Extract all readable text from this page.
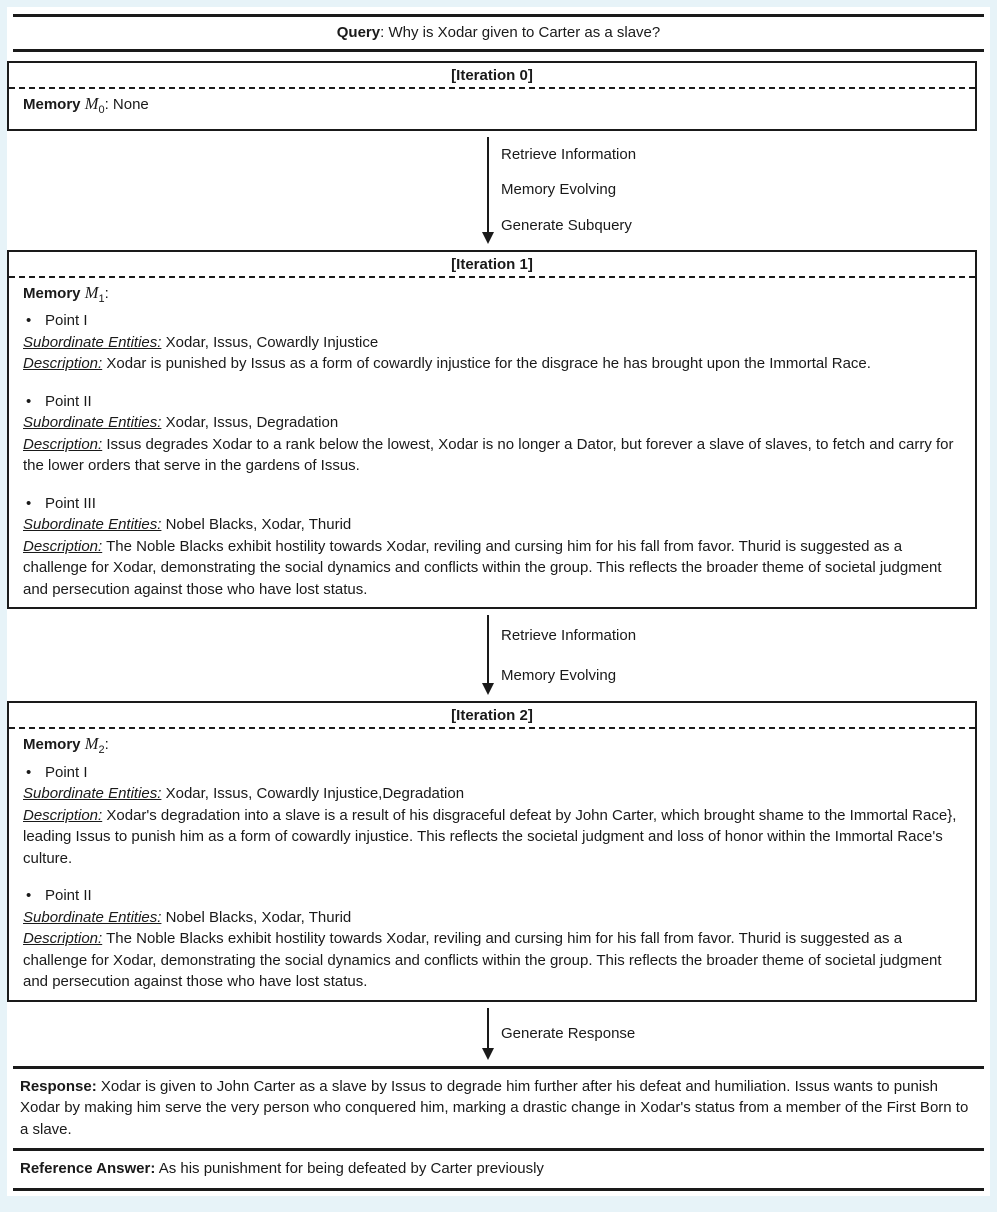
Query: Why is Xodar given to Carter as a slave?
[Iteration 0]
Memory $M_0$: None
Retrieve Information
Memory Evolving
Generate Subquery
[Iteration 1]
Memory $M_1$:
• Point I
Subordinate Entities: Xodar, Issus, Cowardly Injustice
Description: Xodar is punished by Issus as a form of cowardly injustice for the disgrace he has brought upon the Immortal Race.
• Point II
Subordinate Entities: Xodar, Issus, Degradation
Description: Issus degrades Xodar to a rank below the lowest, Xodar is no longer a Dator, but forever a slave of slaves, to fetch and carry for the lower orders that serve in the gardens of Issus.
• Point III
Subordinate Entities: Nobel Blacks, Xodar, Thurid
Description: The Noble Blacks exhibit hostility towards Xodar, reviling and cursing him for his fall from favor. Thurid is suggested as a challenge for Xodar, demonstrating the social dynamics and conflicts within the group. This reflects the broader theme of societal judgment and persecution against those who have lost status.
Retrieve Information
Memory Evolving
[Iteration 2]
Memory $M_2$:
• Point I
Subordinate Entities: Xodar, Issus, Cowardly Injustice,Degradation
Description: Xodar's degradation into a slave is a result of his disgraceful defeat by John Carter, which brought shame to the Immortal Race}, leading Issus to punish him as a form of cowardly injustice. This reflects the societal judgment and loss of honor within the Immortal Race's culture.
• Point II
Subordinate Entities: Nobel Blacks, Xodar, Thurid
Description: The Noble Blacks exhibit hostility towards Xodar, reviling and cursing him for his fall from favor. Thurid is suggested as a challenge for Xodar, demonstrating the social dynamics and conflicts within the group. This reflects the broader theme of societal judgment and persecution against those who have lost status.
Generate Response
Response: Xodar is given to John Carter as a slave by Issus to degrade him further after his defeat and humiliation. Issus wants to punish Xodar by making him serve the very person who conquered him, marking a drastic change in Xodar's status from a member of the First Born to a slave.
Reference Answer: As his punishment for being defeated by Carter previously
